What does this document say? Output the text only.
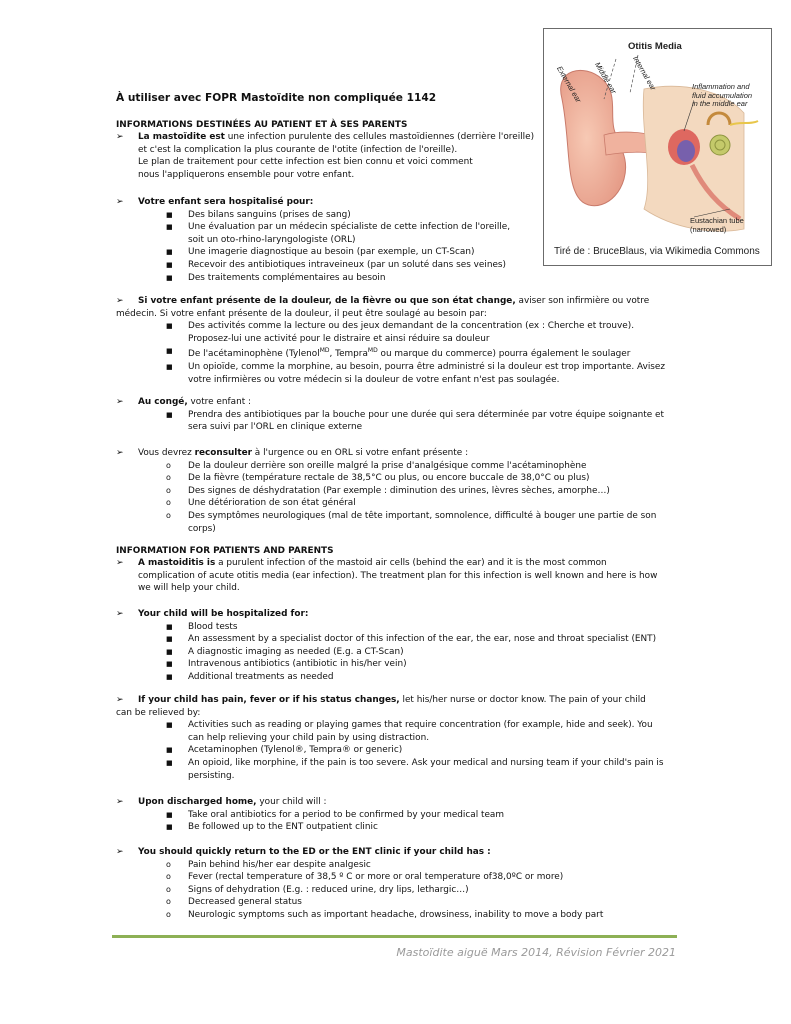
Otitis Media
External ear Middle ear Internal ear	Inflammation and
fluid accumulation
in the middle ear
Eustachian tube
(narrowed)
Tiré de : BruceBlaus, via Wikimedia Commons
À utiliser avec FOPR Mastoïdite non compliquée 1142
INFORMATIONS DESTINÉES AU PATIENT ET À SES PARENTS
➢ La mastoïdite est une infection purulente des cellules mastoïdiennes (derrière l'oreille)
et c'est la complication la plus courante de l'otite (infection de l'oreille).
Le plan de traitement pour cette infection est bien connu et voici comment
nous l'appliquerons ensemble pour votre enfant.
➢ Votre enfant sera hospitalisé pour:
■ Des bilans sanguins (prises de sang)
■ Une évaluation par un médecin spécialiste de cette infection de l'oreille,
soit un oto-rhino-laryngologiste (ORL)
■ Une imagerie diagnostique au besoin (par exemple, un CT-Scan)
■ Recevoir des antibiotiques intraveineux (par un soluté dans ses veines)
■ Des traitements complémentaires au besoin
➢ Si votre enfant présente de la douleur, de la fièvre ou que son état change, aviser son infirmière ou votre
médecin. Si votre enfant présente de la douleur, il peut être soulagé au besoin par:
■ Des activités comme la lecture ou des jeux demandant de la concentration (ex : Cherche et trouve).
Proposez-lui une activité pour le distraire et ainsi réduire sa douleur
■ De l'acétaminophène (Tylenol$^{MD}$, Tempra$^{MD}$ ou marque du commerce) pourra également le soulager
■ Un opioïde, comme la morphine, au besoin, pourra être administré si la douleur est trop importante. Avisez
votre infirmières ou votre médecin si la douleur de votre enfant n'est pas soulagée.
➢ Au congé, votre enfant :
■ Prendra des antibiotiques par la bouche pour une durée qui sera déterminée par votre équipe soignante et
sera suivi par l'ORL en clinique externe
➢ Vous devrez reconsulter à l'urgence ou en ORL si votre enfant présente :
o De la douleur derrière son oreille malgré la prise d'analgésique comme l'acétaminophène
o De la fièvre (température rectale de 38,5°C ou plus, ou encore buccale de 38,0°C ou plus)
o Des signes de déshydratation (Par exemple : diminution des urines, lèvres sèches, amorphe…)
o Une détérioration de son état général
o Des symptômes neurologiques (mal de tête important, somnolence, difficulté à bouger une partie de son
corps)
INFORMATION FOR PATIENTS AND PARENTS
➢ A mastoiditis is a purulent infection of the mastoid air cells (behind the ear) and it is the most common
complication of acute otitis media (ear infection). The treatment plan for this infection is well known and here is how
we will help your child.
➢ Your child will be hospitalized for:
■ Blood tests
■ An assessment by a specialist doctor of this infection of the ear, the ear, nose and throat specialist (ENT)
■ A diagnostic imaging as needed (E.g. a CT-Scan)
■ Intravenous antibiotics (antibiotic in his/her vein)
■ Additional treatments as needed
➢ If your child has pain, fever or if his status changes, let his/her nurse or doctor know. The pain of your child
can be relieved by:
■ Activities such as reading or playing games that require concentration (for example, hide and seek). You
can help relieving your child pain by using distraction.
■ Acetaminophen (Tylenol®, Tempra® or generic)
■ An opioid, like morphine, if the pain is too severe. Ask your medical and nursing team if your child's pain is
persisting.
➢ Upon discharged home, your child will :
■ Take oral antibiotics for a period to be confirmed by your medical team
■ Be followed up to the ENT outpatient clinic
➢ You should quickly return to the ED or the ENT clinic if your child has :
o Pain behind his/her ear despite analgesic
o Fever (rectal temperature of 38,5 º C or more or oral temperature of38,0ºC or more)
o Signs of dehydration (E.g. : reduced urine, dry lips, lethargic…)
o Decreased general status
o Neurologic symptoms such as important headache, drowsiness, inability to move a body part
Mastoïdite aiguë Mars 2014, Révision Février 2021
